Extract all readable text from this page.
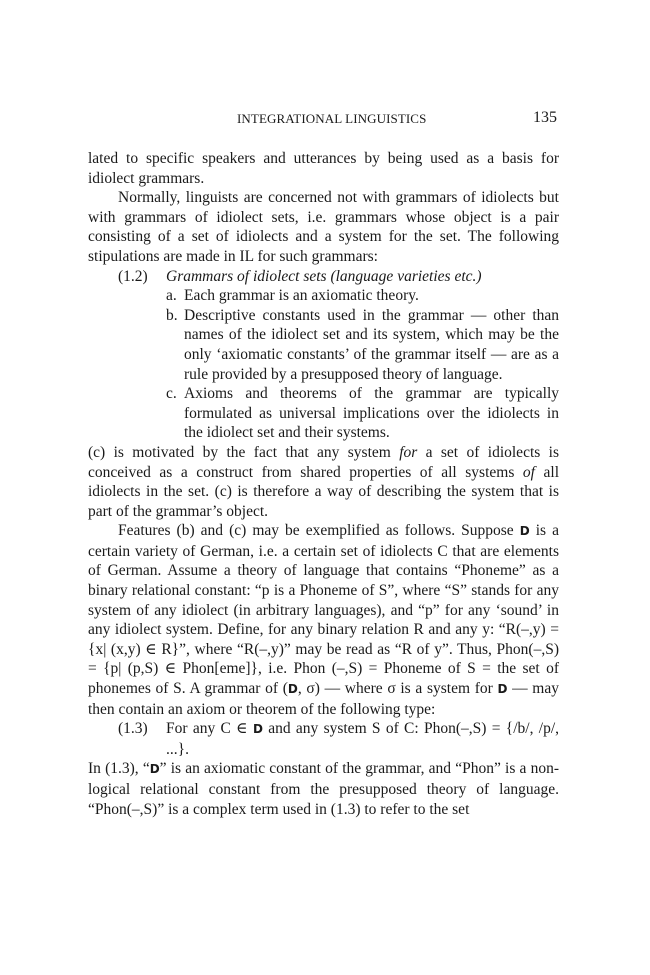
INTEGRATIONAL LINGUISTICS	135

lated to specific speakers and utterances by being used as a basis for idiolect grammars.

Normally, linguists are concerned not with grammars of idiolects but with grammars of idiolect sets, i.e. grammars whose object is a pair consisting of a set of idiolects and a system for the set. The following stipulations are made in IL for such grammars:

(1.2)	Grammars of idiolect sets (language varieties etc.)
a. Each grammar is an axiomatic theory.
b. Descriptive constants used in the grammar — other than names of the idiolect set and its system, which may be the only ‘axiomatic constants’ of the grammar itself — are as a rule provided by a presupposed theory of language.
c. Axioms and theorems of the grammar are typically formulated as universal implications over the idiolects in the idiolect set and their systems.

(c) is motivated by the fact that any system for a set of idiolects is conceived as a construct from shared properties of all systems of all idiolects in the set. (c) is therefore a way of describing the system that is part of the grammar’s object.

Features (b) and (c) may be exemplified as follows. Suppose D is a certain variety of German, i.e. a certain set of idiolects C that are elements of German. Assume a theory of language that contains “Phoneme” as a binary relational constant: “p is a Phoneme of S”, where “S” stands for any system of any idiolect (in arbitrary languages), and “p” for any ‘sound’ in any idiolect system. Define, for any binary relation R and any y: “R(–,y) = {x| (x,y) ∈ R}”, where “R(–,y)” may be read as “R of y”. Thus, Phon(–,S) = {p| (p,S) ∈ Phon[eme]}, i.e. Phon (–,S) = Phoneme of S = the set of phonemes of S. A grammar of (D, σ) — where σ is a system for D — may then contain an axiom or theorem of the following type:

(1.3)	For any C ∈ D and any system S of C: Phon(–,S) = {/b/, /p/, ...}.

In (1.3), “D” is an axiomatic constant of the grammar, and “Phon” is a non-logical relational constant from the presupposed theory of language. “Phon(–,S)” is a complex term used in (1.3) to refer to the set
